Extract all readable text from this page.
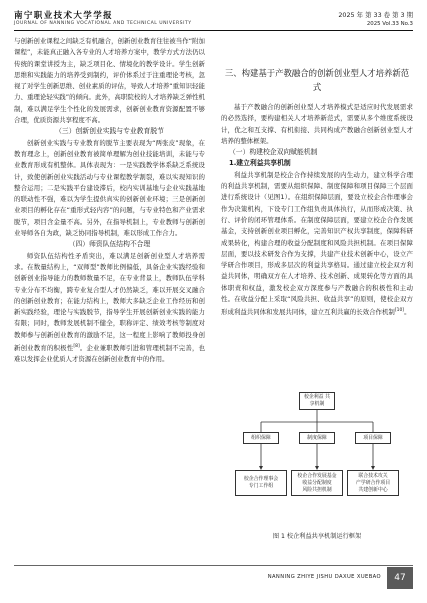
南宁职业技术大学学报
JOURNAL OF NANNING VOCATIONAL AND TECHNICAL UNIVERSITY
2025 年 第 33 卷 第 3 期
2025 Vol.33 No.3

与创新创业课程之间缺乏有机融合，创新创业教育往往被当作“附加课程”，未能真正融入各专业的人才培养方案中，教学方式方法仍以传统的课堂讲授为主，缺乏项目化、情境化的教学设计。学生创新思维和实践能力的培养受到制约，评价体系过于注重理论考核，忽视了对学生创新思维、创业素质的评估，导致人才培养“重知识轻能力、重理论轻实践”的倾向。此外，高职院校的人才培养缺乏弹性机制，难以满足学生个性化的发展需求，创新创业教育资源配置不够合理，优质资源共享程度不高。

（三）创新创业实践与专业教育脱节

创新创业实践与专业教育的脱节主要表现为“两张皮”现象，在教育理念上，创新创业教育被简单理解为创业技能培训，未能与专业教育形成有机整体。具体表现为：一是实践教学体系缺乏系统设计，致使创新创业实践活动与专业课程教学割裂，难以实现知识的整合运用；二是实践平台建设滞后，校内实训基地与企业实践基地的联动性不强，难以为学生提供真实的创新创业环境；三是创新创业项目的孵化存在“重形式轻内容”的问题，与专业特色和产业需求脱节，项目含金量不高。另外，在指导机制上，专业教师与创新创业导师各自为政，缺乏协同指导机制，难以形成工作合力。

（四）师资队伍结构不合理

师资队伍结构性矛盾突出，难以满足创新创业型人才培养需求。在数量结构上，“双师型”教师比例偏低，具备企业实践经验和创新创业指导能力的教师数量不足，在专业背景上，教师队伍学科专业分布不均衡，跨专业复合型人才仍然缺乏，难以开展交叉融合的创新创业教育；在能力结构上，教师大多缺乏企业工作经历和创新实践经验，理论与实践脱节，指导学生开展创新创业实践的能力有限；同时，教师发展机制不健全，职称评定、绩效考核等制度对教师参与创新创业教育的激励不足，这一程度上影响了教师投身创新创业教育的积极性[8]。企业兼职教师引进和管理机制不完善，也难以发挥企业优质人才资源在创新创业教育中的作用。

三、构建基于产教融合的创新创业型人才培养新范式

基于产教融合的创新创业型人才培养模式是适应时代发展需求的必然选择，要构建相关人才培养新范式，需要从多个维度系统设计，优之和互支撑、有机衔接、共同构成产教融合创新创业型人才培养的整体框架。

（一）构建校企双向赋能机制
1.建立利益共享机制

利益共享机制是校企合作持续发展的内生动力，建立科学合理的利益共享机制，需要从组织保障、制度保障和项目保障三个层面进行系统设计（见图1）。在组织保障层面，要设立校企合作理事会作为决策机构，下设专门工作组负责具体执行，从而形成决策、执行、评价的闭环管理体系。在制度保障层面，要建立校企合作发展基金，支持创新创业项目孵化，完善知识产权共享制度，保障科研成果转化，构建合理的收益分配制度和风险共担机制。在项目保障层面，要以技术研发合作为支撑，共建产业技术创新中心，设立产学研合作项目，形成多层次的利益共享格局。通过建立校企双方利益共同体，明确双方在人才培养、技术创新、成果转化等方面的具体职责和权益，激发校企双方深度参与产教融合的积极性和主动性。在收益分配上采取“风险共担、收益共享”的原则，使校企双方形成利益共同体和发展共同体，建立互利共赢的长效合作机制[10]。

校企利益 共享机制
组织保障	制度保障	项目保障
校企合作理事会
专门工作组
校企合作发展基金
收益分配制度
风险共担机制
联合技术攻关
产学研合作项目
共建创新中心
图 1 校企利益共享机制运行框架
NANNING ZHIYE JISHU DAXUE XUEBAO	47
